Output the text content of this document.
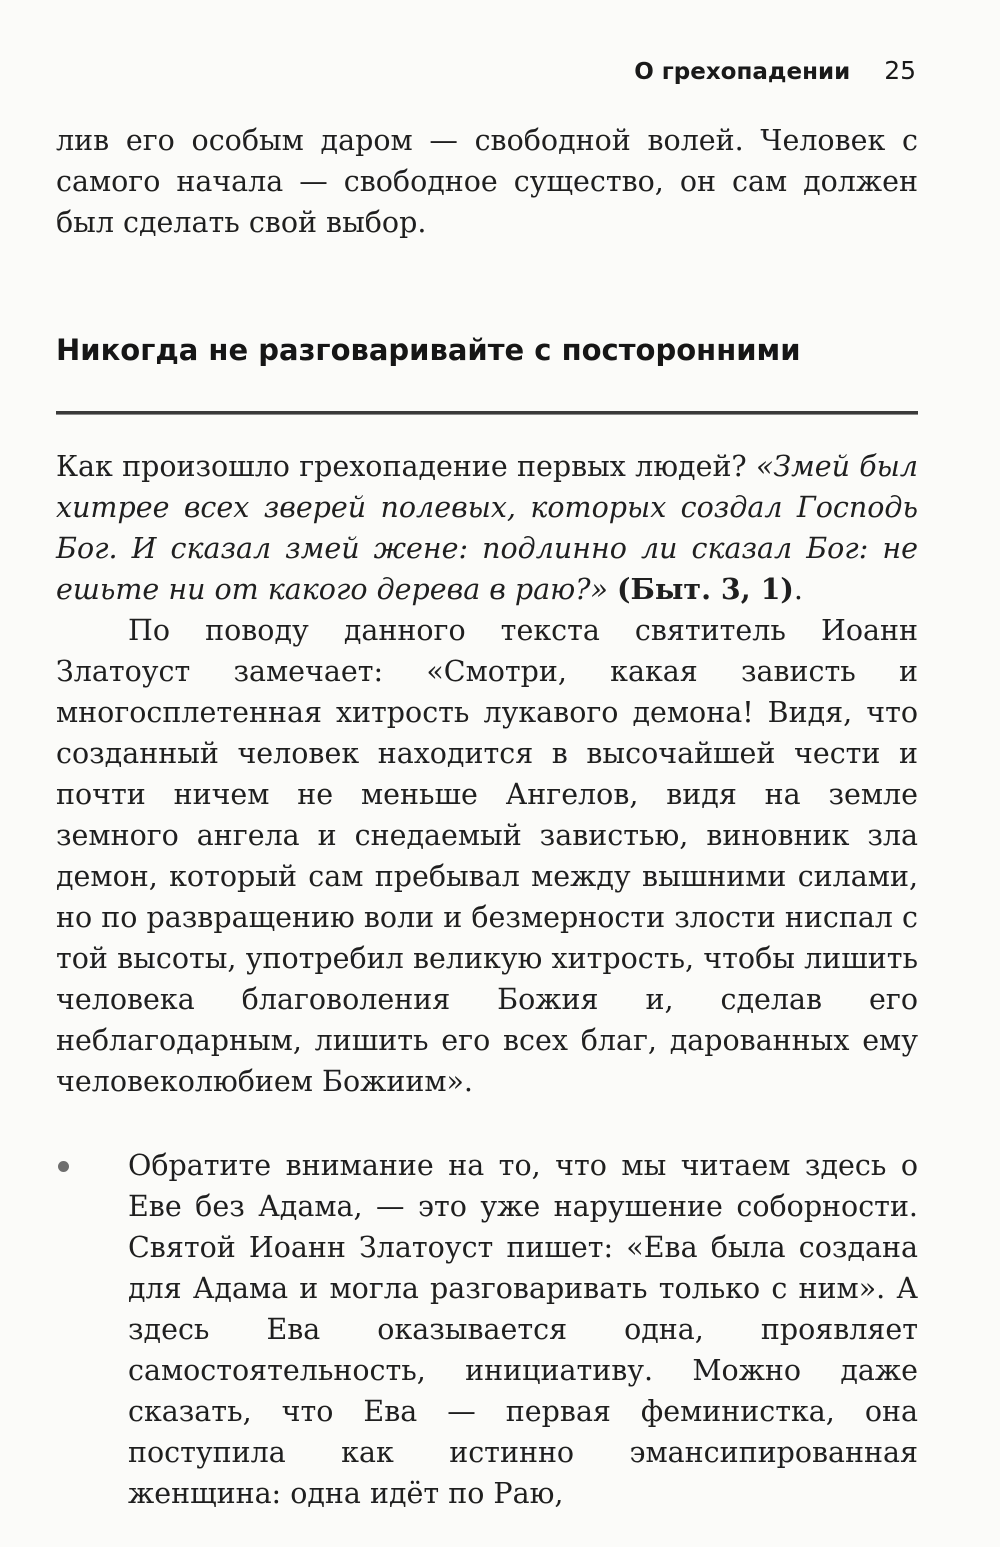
О грехопадении 25

лив его особым даром — свободной волей. Человек с самого начала — свободное существо, он сам должен был сделать свой выбор.

Никогда не разговаривайте с посторонними

Как произошло грехопадение первых людей? «Змей был хитрее всех зверей полевых, которых создал Господь Бог. И сказал змей жене: подлинно ли сказал Бог: не ешьте ни от какого дерева в раю?» (Быт. 3, 1).

По поводу данного текста святитель Иоанн Златоуст замечает: «Смотри, какая зависть и многосплетенная хитрость лукавого демона! Видя, что созданный человек находится в высочайшей чести и почти ничем не меньше Ангелов, видя на земле земного ангела и снедаемый завистью, виновник зла демон, который сам пребывал между вышними силами, но по развращению воли и безмерности злости ниспал с той высоты, употребил великую хитрость, чтобы лишить человека благоволения Божия и, сделав его неблагодарным, лишить его всех благ, дарованных ему человеколюбием Божиим».

Обратите внимание на то, что мы читаем здесь о Еве без Адама, — это уже нарушение соборности. Святой Иоанн Златоуст пишет: «Ева была создана для Адама и могла разговаривать только с ним». А здесь Ева оказывается одна, проявляет самостоятельность, инициативу. Можно даже сказать, что Ева — первая феминистка, она поступила как истинно эмансипированная женщина: одна идёт по Раю,
